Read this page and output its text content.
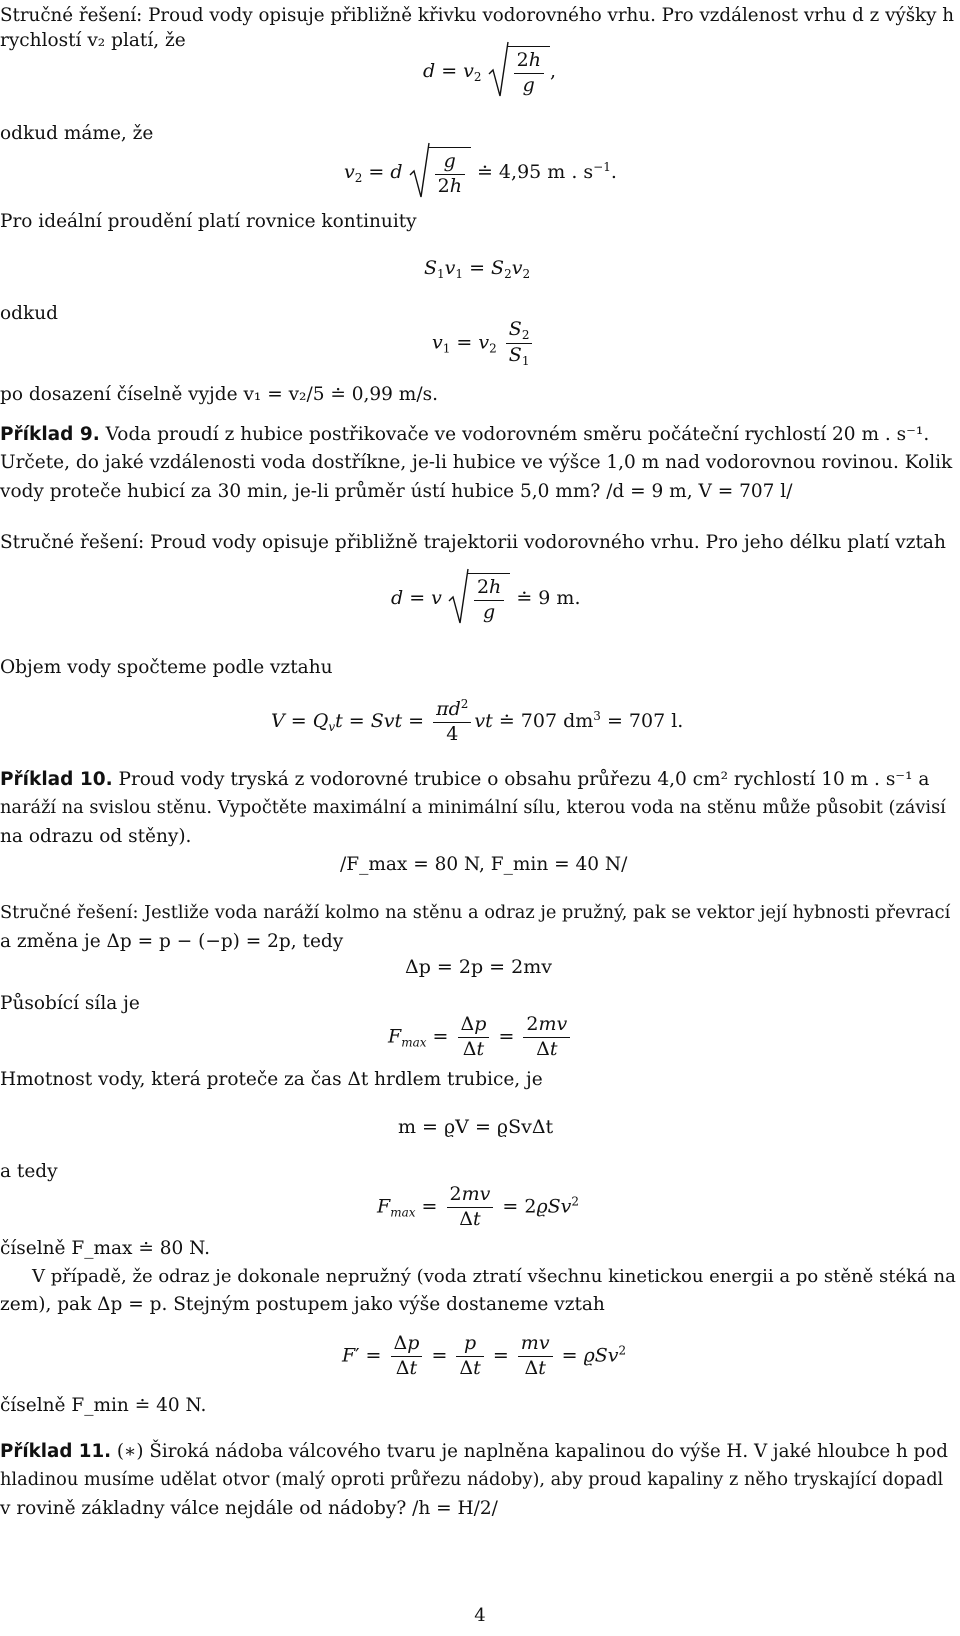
Stručné řešení: Proud vody opisuje přibližně křivku vodorovného vrhu. Pro vzdálenost vrhu d z výšky h
rychlostí v₂ platí, že
$d = v_2 \frac{2h}{g}$ ,
odkud máme, že
$v_2 = d \frac{g}{2h}$ ≐ 4,95 m . $s^{-1}$.
Pro ideální proudění platí rovnice kontinuity
$S_1v_1 = S_2v_2$
odkud
$v_1 = v_2 \frac{S_2}{S_1}$
po dosazení číselně vyjde v₁ = v₂/5 ≐ 0,99 m/s.
Příklad 9. Voda proudí z hubice postřikovače ve vodorovném směru počáteční rychlostí 20 m . s⁻¹.
Určete, do jaké vzdálenosti voda dostříkne, je-li hubice ve výšce 1,0 m nad vodorovnou rovinou. Kolik
vody proteče hubicí za 30 min, je-li průměr ústí hubice 5,0 mm? /d = 9 m, V = 707 l/
Stručné řešení: Proud vody opisuje přibližně trajektorii vodorovného vrhu. Pro jeho délku platí vztah
d = v $\frac{2h}{g}$ ≐ 9 m.
Objem vody spočteme podle vztahu
$V = Q_vt$ = Svt = $\frac{\pi d^2}{4}$ vt ≐ 707 $dm^3 = 707$ l.
Příklad 10. Proud vody tryská z vodorovné trubice o obsahu průřezu 4,0 cm² rychlostí 10 m . s⁻¹ a
naráží na svislou stěnu. Vypočtěte maximální a minimální sílu, kterou voda na stěnu může působit (závisí
na odrazu od stěny).
/F_max = 80 N, F_min = 40 N/
Stručné řešení: Jestliže voda naráží kolmo na stěnu a odraz je pružný, pak se vektor její hybnosti převrací
a změna je Δp = p − (−p) = 2p, tedy
Δp = 2p = 2mv
Působící síla je
$F_{max} = \frac{\Delta p}{\Delta t} = \frac{2mv}{\Delta t}$
Hmotnost vody, která proteče za čas Δt hrdlem trubice, je
m = ϱV = ϱSvΔt
a tedy
$F_{max} = \frac{2mv}{\Delta t} = 2ϱSv^2$
číselně F_max ≐ 80 N.
V případě, že odraz je dokonale nepružný (voda ztratí všechnu kinetickou energii a po stěně stéká na
zem), pak Δp = p. Stejným postupem jako výše dostaneme vztah
$F' = \frac{\Delta p}{\Delta t} = \frac{p}{\Delta t} = \frac{mv}{\Delta t} = ϱSv^2$
číselně F_min ≐ 40 N.
Příklad 11. (∗) Široká nádoba válcového tvaru je naplněna kapalinou do výše H. V jaké hloubce h pod
hladinou musíme udělat otvor (malý oproti průřezu nádoby), aby proud kapaliny z něho tryskající dopadl
v rovině základny válce nejdále od nádoby? /h = H/2/
4
